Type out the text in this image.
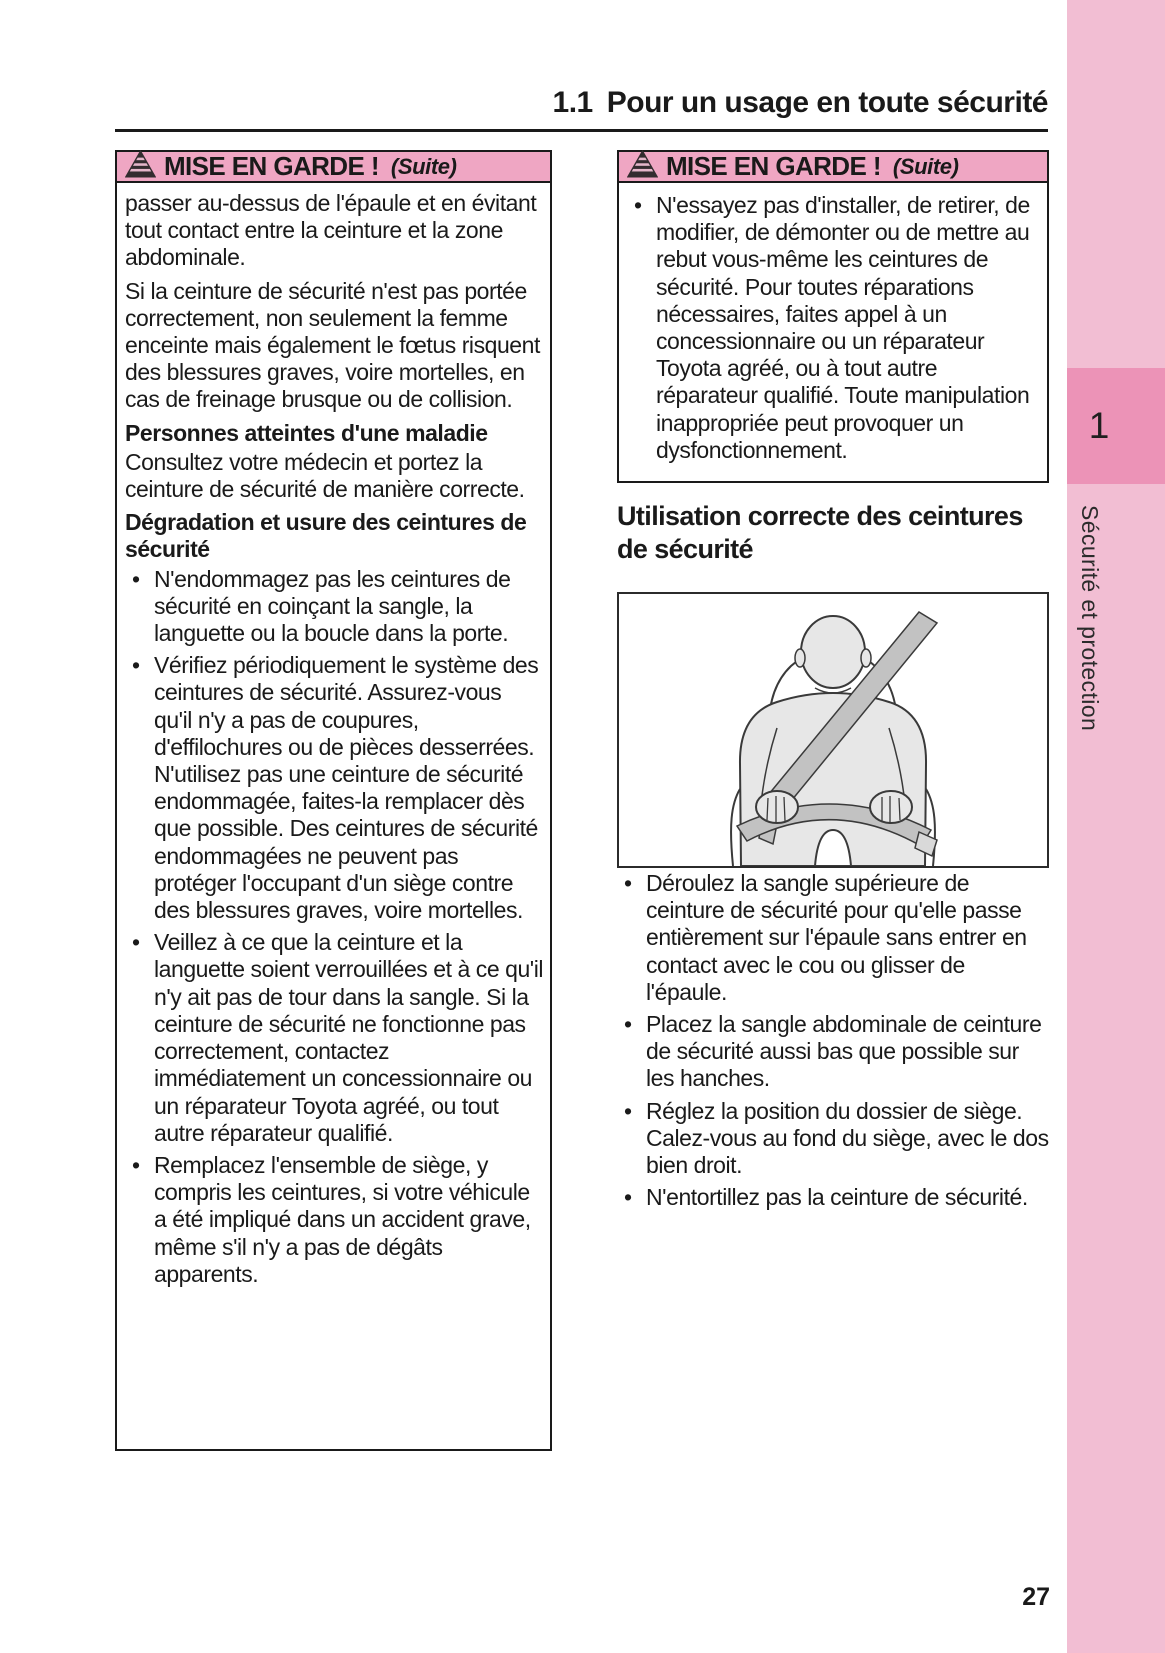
1.1 Pour un usage en toute sécurité
MISE EN GARDE ! (Suite)

passer au-dessus de l'épaule et en évitant tout contact entre la ceinture et la zone abdominale.

Si la ceinture de sécurité n'est pas portée correctement, non seulement la femme enceinte mais également le fœtus risquent des blessures graves, voire mortelles, en cas de freinage brusque ou de collision.

Personnes atteintes d'une maladie

Consultez votre médecin et portez la ceinture de sécurité de manière correcte.

Dégradation et usure des ceintures de sécurité
• N'endommagez pas les ceintures de sécurité en coinçant la sangle, la languette ou la boucle dans la porte.
• Vérifiez périodiquement le système des ceintures de sécurité. Assurez-vous qu'il n'y a pas de coupures, d'effilochures ou de pièces desserrées. N'utilisez pas une ceinture de sécurité endommagée, faites-la remplacer dès que possible. Des ceintures de sécurité endommagées ne peuvent pas protéger l'occupant d'un siège contre des blessures graves, voire mortelles.
• Veillez à ce que la ceinture et la languette soient verrouillées et à ce qu'il n'y ait pas de tour dans la sangle. Si la ceinture de sécurité ne fonctionne pas correctement, contactez immédiatement un concessionnaire ou un réparateur Toyota agréé, ou tout autre réparateur qualifié.
• Remplacez l'ensemble de siège, y compris les ceintures, si votre véhicule a été impliqué dans un accident grave, même s'il n'y a pas de dégâts apparents.
MISE EN GARDE ! (Suite)
• N'essayez pas d'installer, de retirer, de modifier, de démonter ou de mettre au rebut vous-même les ceintures de sécurité. Pour toutes réparations nécessaires, faites appel à un concessionnaire ou un réparateur Toyota agréé, ou à tout autre réparateur qualifié. Toute manipulation inappropriée peut provoquer un dysfonctionnement.
Utilisation correcte des ceintures de sécurité
• Déroulez la sangle supérieure de ceinture de sécurité pour qu'elle passe entièrement sur l'épaule sans entrer en contact avec le cou ou glisser de l'épaule.
• Placez la sangle abdominale de ceinture de sécurité aussi bas que possible sur les hanches.
• Réglez la position du dossier de siège. Calez-vous au fond du siège, avec le dos bien droit.
• N'entortillez pas la ceinture de sécurité.
1
Sécurité et protection
27
